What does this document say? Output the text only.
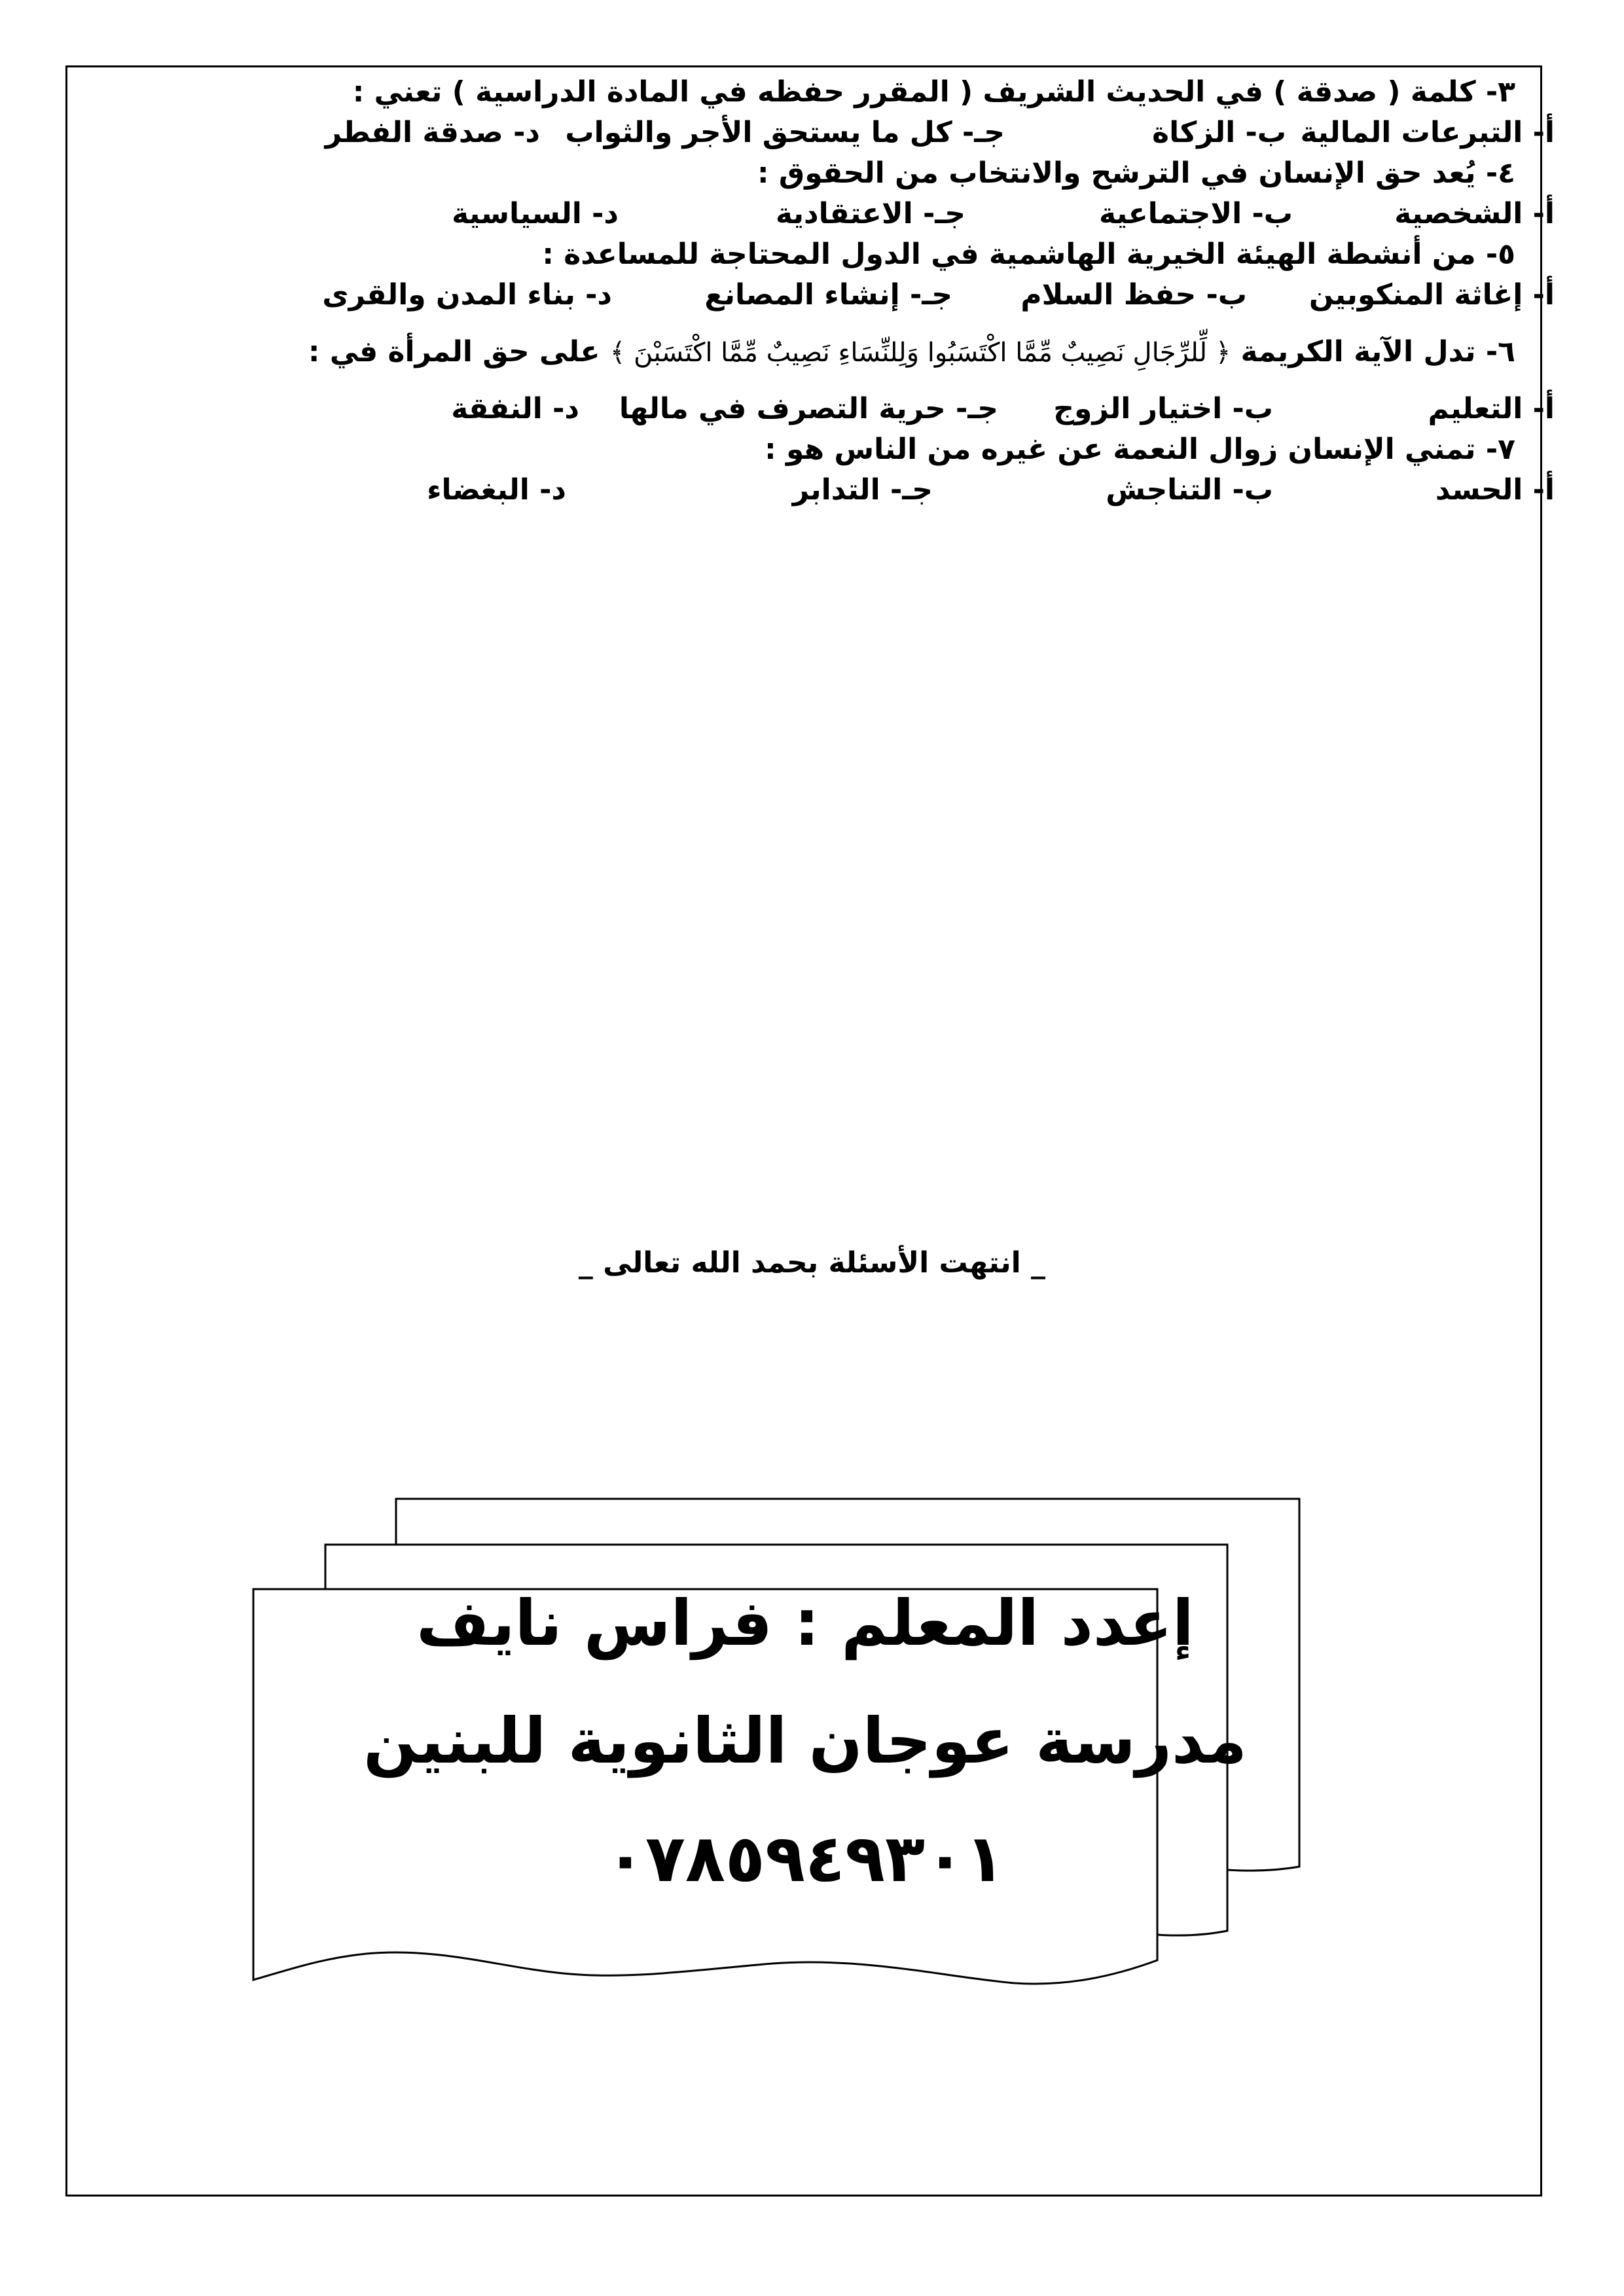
٣- كلمة ( صدقة ) في الحديث الشريف ( المقرر حفظه في المادة الدراسية ) تعني :
أ- التبرعات المالية
ب- الزكاة
جـ- كل ما يستحق الأجر والثواب
د- صدقة الفطر
٤- يُعد حق الإنسان في الترشح والانتخاب من الحقوق :
أ- الشخصية
ب- الاجتماعية
جـ- الاعتقادية
د- السياسية
٥- من أنشطة الهيئة الخيرية الهاشمية في الدول المحتاجة للمساعدة :
أ- إغاثة المنكوبين
ب- حفظ السلام
جـ- إنشاء المصانع
د- بناء المدن والقرى
٦- تدل الآية الكريمة ﴿ لِّلرِّجَالِ نَصِيبٌ مِّمَّا اكْتَسَبُوا وَلِلنِّسَاءِ نَصِيبٌ مِّمَّا اكْتَسَبْنَ ﴾ على حق المرأة في :
أ- التعليم
ب- اختيار الزوج
جـ- حرية التصرف في مالها
د- النفقة
٧- تمني الإنسان زوال النعمة عن غيره من الناس هو :
أ- الحسد
ب- التناجش
جـ- التدابر
د- البغضاء
_ انتهت الأسئلة بحمد الله تعالى _
إعدد المعلم : فراس نايف
مدرسة عوجان الثانوية للبنين
٠٧٨٥٩٤٩٣٠١
